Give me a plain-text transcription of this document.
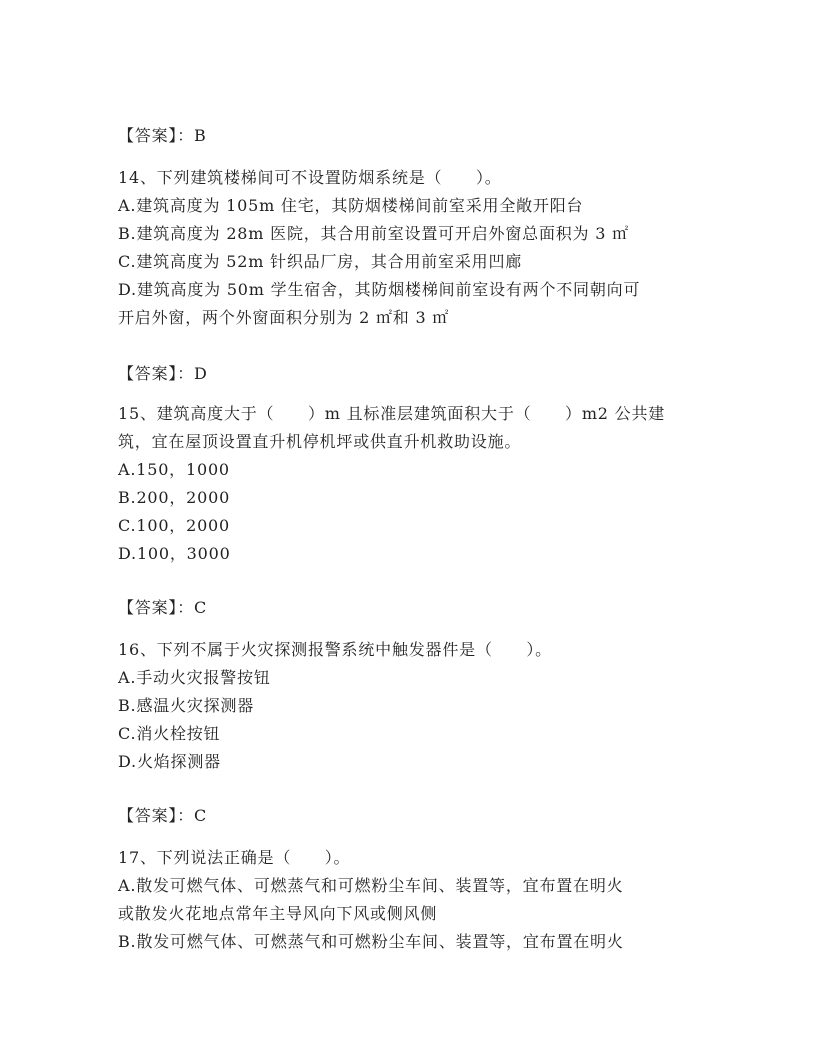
【答案】：B
14、下列建筑楼梯间可不设置防烟系统是（　　）。
A.建筑高度为 105m 住宅，其防烟楼梯间前室采用全敞开阳台
B.建筑高度为 28m 医院，其合用前室设置可开启外窗总面积为 3 ㎡
C.建筑高度为 52m 针织品厂房，其合用前室采用凹廊
D.建筑高度为 50m 学生宿舍，其防烟楼梯间前室设有两个不同朝向可
开启外窗，两个外窗面积分别为 2 ㎡和 3 ㎡
【答案】：D
15、建筑高度大于（　　）m 且标准层建筑面积大于（　　）m2 公共建
筑，宜在屋顶设置直升机停机坪或供直升机救助设施。
A.150，1000
B.200，2000
C.100，2000
D.100，3000
【答案】：C
16、下列不属于火灾探测报警系统中触发器件是（　　）。
A.手动火灾报警按钮
B.感温火灾探测器
C.消火栓按钮
D.火焰探测器
【答案】：C
17、下列说法正确是（　　）。
A.散发可燃气体、可燃蒸气和可燃粉尘车间、装置等，宜布置在明火
或散发火花地点常年主导风向下风或侧风侧
B.散发可燃气体、可燃蒸气和可燃粉尘车间、装置等，宜布置在明火
